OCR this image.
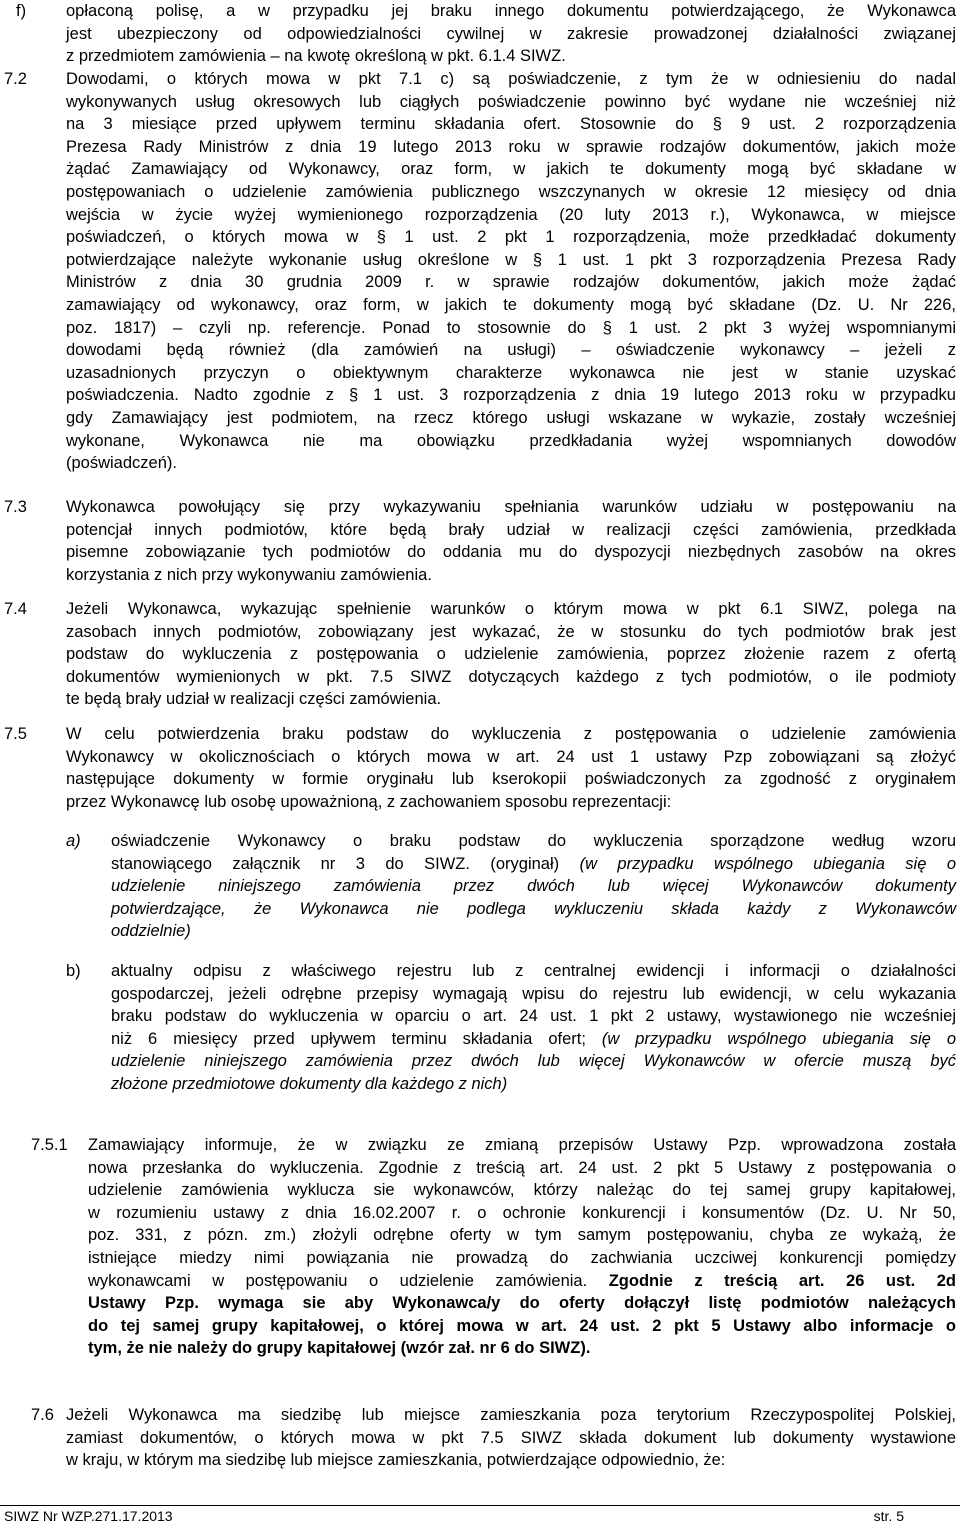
f) opłaconą polisę, a w przypadku jej braku innego dokumentu potwierdzającego, że Wykonawca
jest ubezpieczony od odpowiedzialności cywilnej w zakresie prowadzonej działalności związanej
z przedmiotem zamówienia – na kwotę określoną w pkt. 6.1.4 SIWZ.
7.2 Dowodami, o których mowa w pkt 7.1 c) są poświadczenie, z tym że w odniesieniu do nadal
wykonywanych usług okresowych lub ciągłych poświadczenie powinno być wydane nie wcześniej niż
na 3 miesiące przed upływem terminu składania ofert. Stosownie do § 9 ust. 2 rozporządzenia
Prezesa Rady Ministrów z dnia 19 lutego 2013 roku w sprawie rodzajów dokumentów, jakich może
żądać Zamawiający od Wykonawcy, oraz form, w jakich te dokumenty mogą być składane w
postępowaniach o udzielenie zamówienia publicznego wszczynanych w okresie 12 miesięcy od dnia
wejścia w życie wyżej wymienionego rozporządzenia (20 luty 2013 r.), Wykonawca, w miejsce
poświadczeń, o których mowa w § 1 ust. 2 pkt 1 rozporządzenia, może przedkładać dokumenty
potwierdzające należyte wykonanie usług określone w § 1 ust. 1 pkt 3 rozporządzenia Prezesa Rady
Ministrów z dnia 30 grudnia 2009 r. w sprawie rodzajów dokumentów, jakich może żądać
zamawiający od wykonawcy, oraz form, w jakich te dokumenty mogą być składane (Dz. U. Nr 226,
poz. 1817) – czyli np. referencje. Ponad to stosownie do § 1 ust. 2 pkt 3 wyżej wspomnianymi
dowodami będą również (dla zamówień na usługi) – oświadczenie wykonawcy – jeżeli z
uzasadnionych przyczyn o obiektywnym charakterze wykonawca nie jest w stanie uzyskać
poświadczenia. Nadto zgodnie z § 1 ust. 3 rozporządzenia z dnia 19 lutego 2013 roku w przypadku
gdy Zamawiający jest podmiotem, na rzecz którego usługi wskazane w wykazie, zostały wcześniej
wykonane, Wykonawca nie ma obowiązku przedkładania wyżej wspomnianych dowodów
(poświadczeń).
7.3 Wykonawca powołujący się przy wykazywaniu spełniania warunków udziału w postępowaniu na
potencjał innych podmiotów, które będą brały udział w realizacji części zamówienia, przedkłada
pisemne zobowiązanie tych podmiotów do oddania mu do dyspozycji niezbędnych zasobów na okres
korzystania z nich przy wykonywaniu zamówienia.
7.4 Jeżeli Wykonawca, wykazując spełnienie warunków o którym mowa w pkt 6.1 SIWZ, polega na
zasobach innych podmiotów, zobowiązany jest wykazać, że w stosunku do tych podmiotów brak jest
podstaw do wykluczenia z postępowania o udzielenie zamówienia, poprzez złożenie razem z ofertą
dokumentów wymienionych w pkt. 7.5 SIWZ dotyczących każdego z tych podmiotów, o ile podmioty
te będą brały udział w realizacji części zamówienia.
7.5 W celu potwierdzenia braku podstaw do wykluczenia z postępowania o udzielenie zamówienia
Wykonawcy w okolicznościach o których mowa w art. 24 ust 1 ustawy Pzp zobowiązani są złożyć
następujące dokumenty w formie oryginału lub kserokopii poświadczonych za zgodność z oryginałem
przez Wykonawcę lub osobę upoważnioną, z zachowaniem sposobu reprezentacji:
a) oświadczenie Wykonawcy o braku podstaw do wykluczenia sporządzone według wzoru
stanowiącego załącznik nr 3 do SIWZ. (oryginał) (w przypadku wspólnego ubiegania się o
udzielenie niniejszego zamówienia przez dwóch lub więcej Wykonawców dokumenty
potwierdzające, że Wykonawca nie podlega wykluczeniu składa każdy z Wykonawców
oddzielnie)
b) aktualny odpisu z właściwego rejestru lub z centralnej ewidencji i informacji o działalności
gospodarczej, jeżeli odrębne przepisy wymagają wpisu do rejestru lub ewidencji, w celu wykazania
braku podstaw do wykluczenia w oparciu o art. 24 ust. 1 pkt 2 ustawy, wystawionego nie wcześniej
niż 6 miesięcy przed upływem terminu składania ofert; (w przypadku wspólnego ubiegania się o
udzielenie niniejszego zamówienia przez dwóch lub więcej Wykonawców w ofercie muszą być
złożone przedmiotowe dokumenty dla każdego z nich)
7.5.1 Zamawiający informuje, że w związku ze zmianą przepisów Ustawy Pzp. wprowadzona została
nowa przesłanka do wykluczenia. Zgodnie z treścią art. 24 ust. 2 pkt 5 Ustawy z postępowania o
udzielenie zamówienia wyklucza sie wykonawców, którzy należąc do tej samej grupy kapitałowej,
w rozumieniu ustawy z dnia 16.02.2007 r. o ochronie konkurencji i konsumentów (Dz. U. Nr 50,
poz. 331, z pózn. zm.) złożyli odrębne oferty w tym samym postępowaniu, chyba ze wykażą, że
istniejące miedzy nimi powiązania nie prowadzą do zachwiania uczciwej konkurencji pomiędzy
wykonawcami w postępowaniu o udzielenie zamówienia. Zgodnie z treścią art. 26 ust. 2d
Ustawy Pzp. wymaga sie aby Wykonawca/y do oferty dołączył listę podmiotów należących
do tej samej grupy kapitałowej, o której mowa w art. 24 ust. 2 pkt 5 Ustawy albo informacje o
tym, że nie należy do grupy kapitałowej (wzór zał. nr 6 do SIWZ).
7.6 Jeżeli Wykonawca ma siedzibę lub miejsce zamieszkania poza terytorium Rzeczypospolitej Polskiej,
zamiast dokumentów, o których mowa w pkt 7.5 SIWZ składa dokument lub dokumenty wystawione
w kraju, w którym ma siedzibę lub miejsce zamieszkania, potwierdzające odpowiednio, że:
SIWZ Nr WZP.271.17.2013	str. 5
